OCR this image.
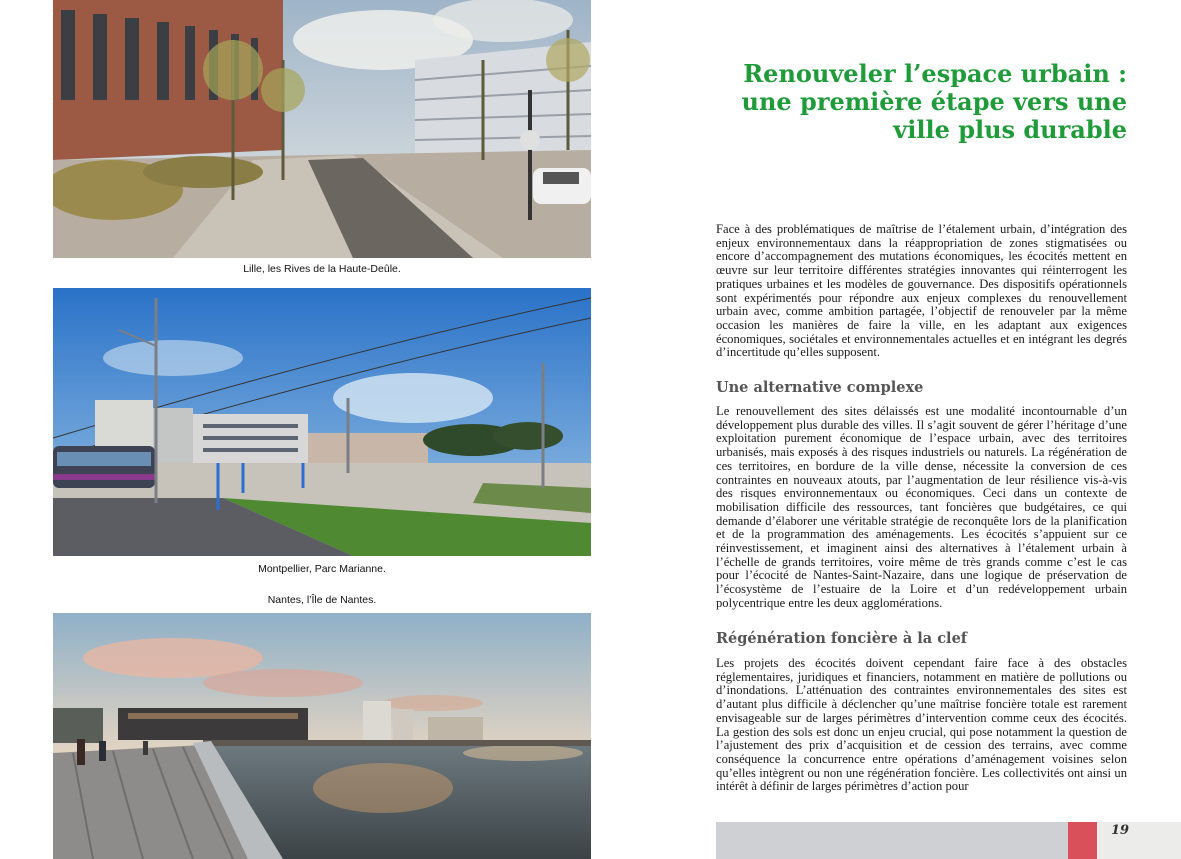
Lille, les Rives de la Haute-Deûle.
Montpellier, Parc Marianne.
Nantes, l’Île de Nantes.
Renouveler l’espace urbain :
une première étape vers une
ville plus durable

Face à des problématiques de maîtrise de l’étalement urbain, d’intégration des enjeux environnementaux dans la réappropriation de zones stigmatisées ou encore d’accompagnement des mutations économiques, les écocités mettent en œuvre sur leur territoire différentes stratégies innovantes qui réinterrogent les pratiques urbaines et les modèles de gouvernance. Des dispositifs opérationnels sont expérimentés pour répondre aux enjeux complexes du renouvellement urbain avec, comme ambition partagée, l’objectif de renouveler par la même occasion les manières de faire la ville, en les adaptant aux exigences économiques, sociétales et environnementales actuelles et en intégrant les degrés d’incertitude qu’elles supposent.

Une alternative complexe

Le renouvellement des sites délaissés est une modalité incontournable d’un développement plus durable des villes. Il s’agit souvent de gérer l’héritage d’une exploitation purement économique de l’espace urbain, avec des territoires urbanisés, mais exposés à des risques industriels ou naturels. La régénération de ces territoires, en bordure de la ville dense, nécessite la conversion de ces contraintes en nouveaux atouts, par l’augmentation de leur résilience vis-à-vis des risques environnementaux ou économiques. Ceci dans un contexte de mobilisation difficile des ressources, tant foncières que budgétaires, ce qui demande d’élaborer une véritable stratégie de reconquête lors de la planification et de la programmation des aménagements. Les écocités s’appuient sur ce réinvestissement, et imaginent ainsi des alternatives à l’étalement urbain à l’échelle de grands territoires, voire même de très grands comme c’est le cas pour l’écocité de Nantes-Saint-Nazaire, dans une logique de préservation de l’écosystème de l’estuaire de la Loire et d’un redéveloppement urbain polycentrique entre les deux agglomérations.

Régénération foncière à la clef

Les projets des écocités doivent cependant faire face à des obstacles réglementaires, juridiques et financiers, notamment en matière de pollutions ou d’inondations. L’atténuation des contraintes environnementales des sites est d’autant plus difficile à déclencher qu’une maîtrise foncière totale est rarement envisageable sur de larges périmètres d’intervention comme ceux des écocités. La gestion des sols est donc un enjeu crucial, qui pose notamment la question de l’ajustement des prix d’acquisition et de cession des terrains, avec comme conséquence la concurrence entre opérations d’aménagement voisines selon qu’elles intègrent ou non une régénération foncière. Les collectivités ont ainsi un intérêt à définir de larges périmètres d’action pour

19
